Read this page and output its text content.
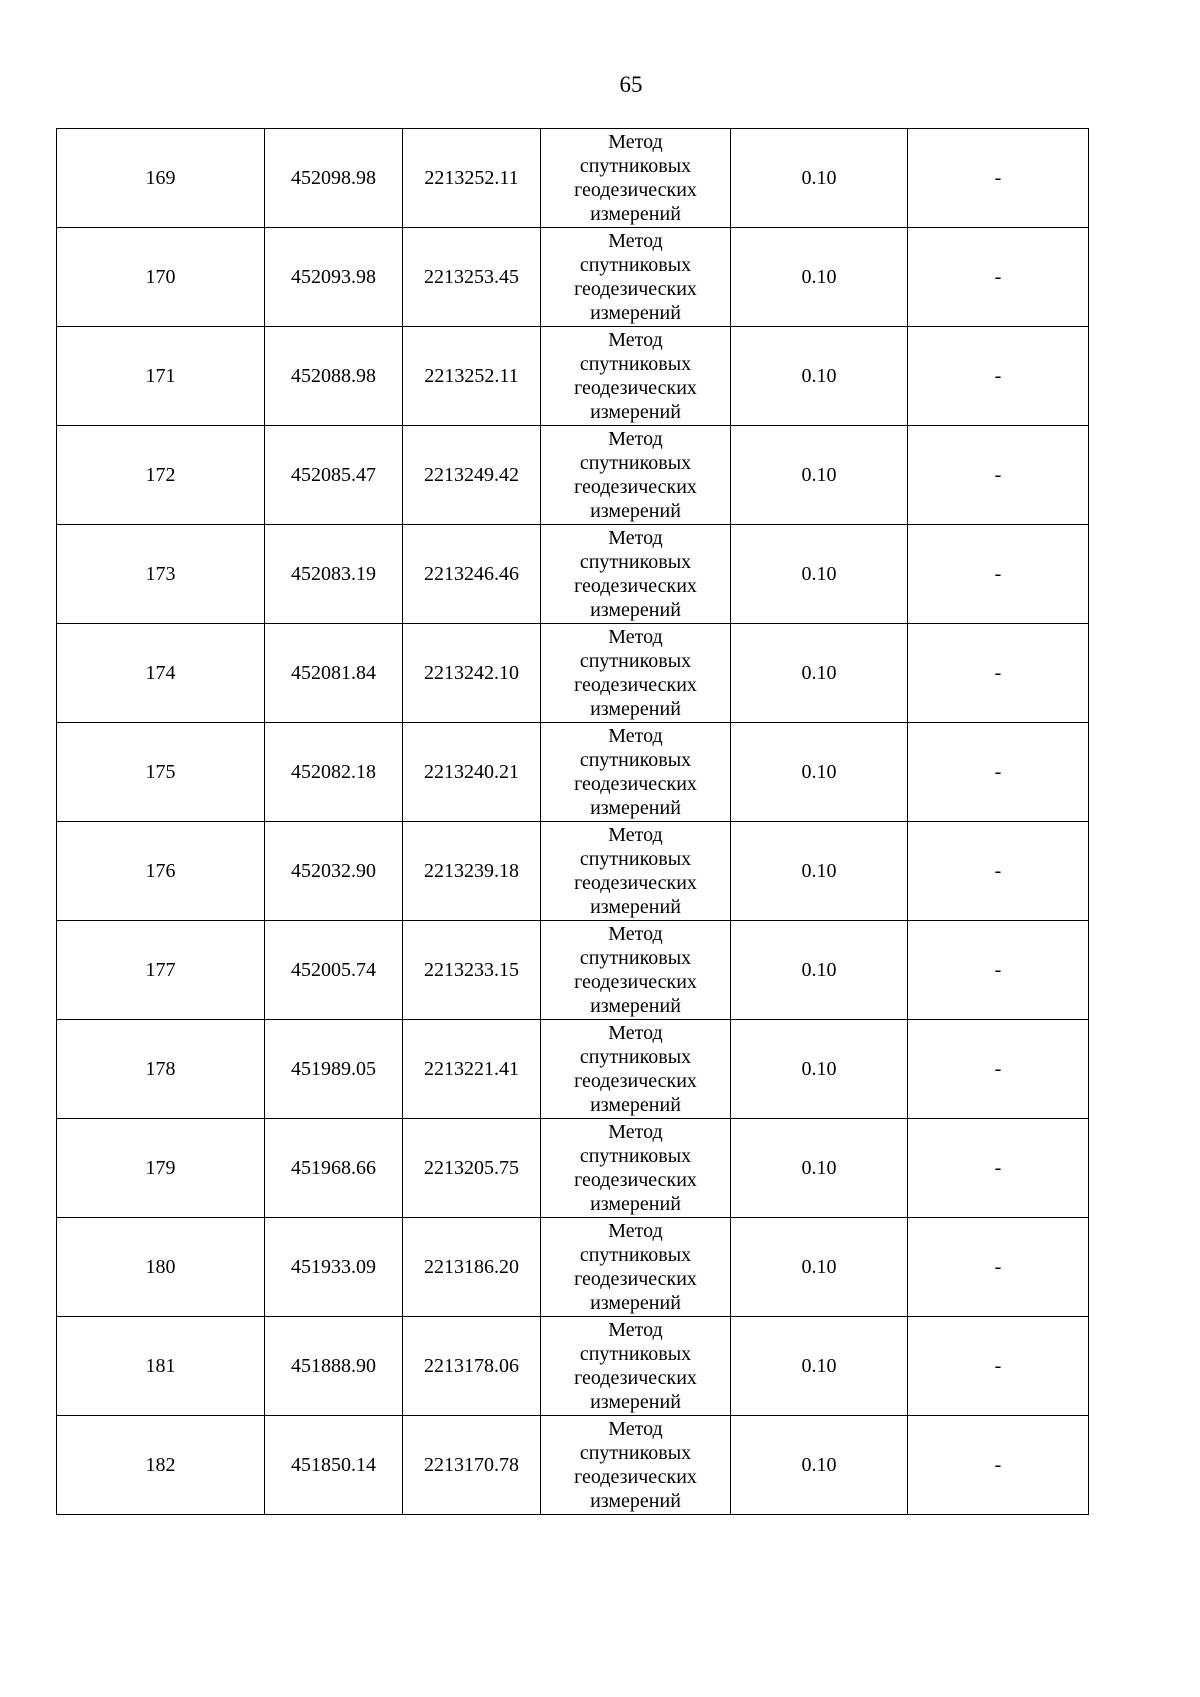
65
169	452098.98	2213252.11	Метод
спутниковых
геодезических
измерений	0.10	-
170	452093.98	2213253.45	Метод
спутниковых
геодезических
измерений	0.10	-
171	452088.98	2213252.11	Метод
спутниковых
геодезических
измерений	0.10	-
172	452085.47	2213249.42	Метод
спутниковых
геодезических
измерений	0.10	-
173	452083.19	2213246.46	Метод
спутниковых
геодезических
измерений	0.10	-
174	452081.84	2213242.10	Метод
спутниковых
геодезических
измерений	0.10	-
175	452082.18	2213240.21	Метод
спутниковых
геодезических
измерений	0.10	-
176	452032.90	2213239.18	Метод
спутниковых
геодезических
измерений	0.10	-
177	452005.74	2213233.15	Метод
спутниковых
геодезических
измерений	0.10	-
178	451989.05	2213221.41	Метод
спутниковых
геодезических
измерений	0.10	-
179	451968.66	2213205.75	Метод
спутниковых
геодезических
измерений	0.10	-
180	451933.09	2213186.20	Метод
спутниковых
геодезических
измерений	0.10	-
181	451888.90	2213178.06	Метод
спутниковых
геодезических
измерений	0.10	-
182	451850.14	2213170.78	Метод
спутниковых
геодезических
измерений	0.10	-
